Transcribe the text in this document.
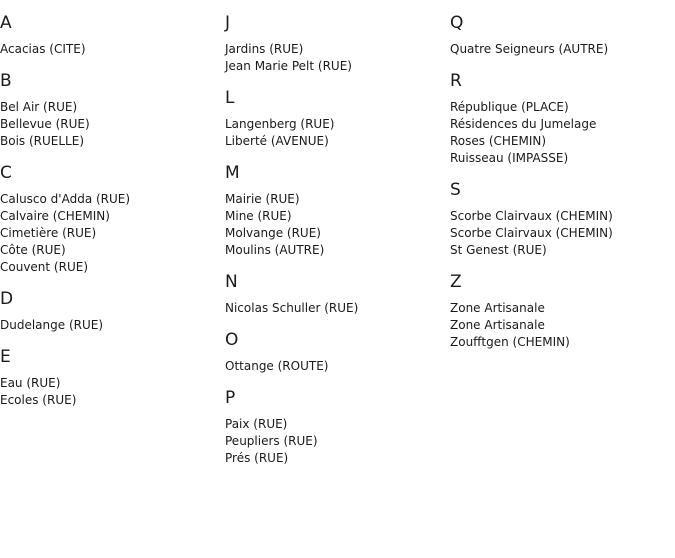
A
Acacias (CITE)
B
Bel Air (RUE)
Bellevue (RUE)
Bois (RUELLE)
C
Calusco d'Adda (RUE)
Calvaire (CHEMIN)
Cimetière (RUE)
Côte (RUE)
Couvent (RUE)
D
Dudelange (RUE)
E
Eau (RUE)
Ecoles (RUE)
J
Jardins (RUE)
Jean Marie Pelt (RUE)
L
Langenberg (RUE)
Liberté (AVENUE)
M
Mairie (RUE)
Mine (RUE)
Molvange (RUE)
Moulins (AUTRE)
N
Nicolas Schuller (RUE)
O
Ottange (ROUTE)
P
Paix (RUE)
Peupliers (RUE)
Prés (RUE)
Q
Quatre Seigneurs (AUTRE)
R
République (PLACE)
Résidences du Jumelage
Roses (CHEMIN)
Ruisseau (IMPASSE)
S
Scorbe Clairvaux (CHEMIN)
Scorbe Clairvaux (CHEMIN)
St Genest (RUE)
Z
Zone Artisanale
Zone Artisanale
Zoufftgen (CHEMIN)
